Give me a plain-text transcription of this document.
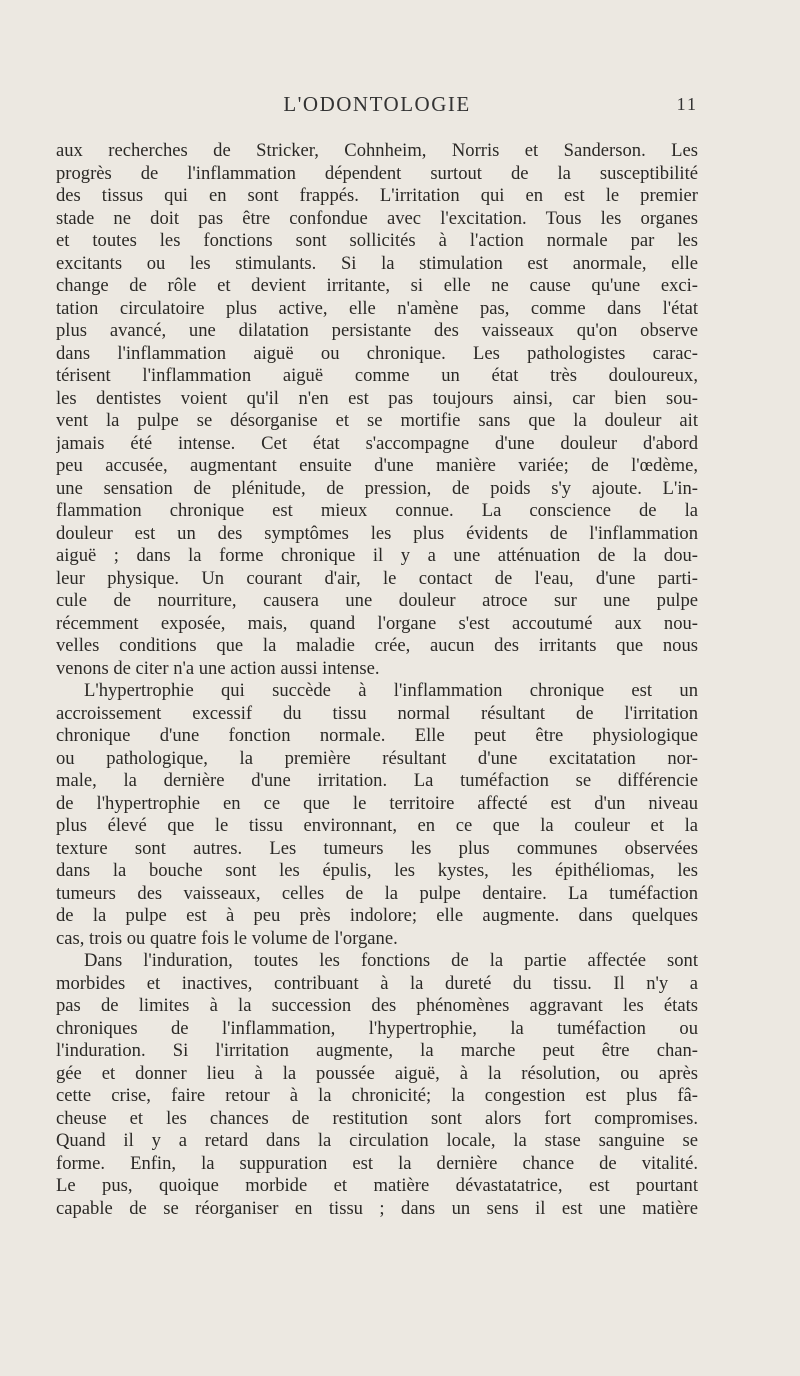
L'ODONTOLOGIE	11

aux recherches de Stricker, Cohnheim, Norris et Sanderson. Les
progrès de l'inflammation dépendent surtout de la susceptibilité
des tissus qui en sont frappés. L'irritation qui en est le premier
stade ne doit pas être confondue avec l'excitation. Tous les organes
et toutes les fonctions sont sollicités à l'action normale par les
excitants ou les stimulants. Si la stimulation est anormale, elle
change de rôle et devient irritante, si elle ne cause qu'une exci-
tation circulatoire plus active, elle n'amène pas, comme dans l'état
plus avancé, une dilatation persistante des vaisseaux qu'on observe
dans l'inflammation aiguë ou chronique. Les pathologistes carac-
térisent l'inflammation aiguë comme un état très douloureux,
les dentistes voient qu'il n'en est pas toujours ainsi, car bien sou-
vent la pulpe se désorganise et se mortifie sans que la douleur ait
jamais été intense. Cet état s'accompagne d'une douleur d'abord
peu accusée, augmentant ensuite d'une manière variée; de l'œdème,
une sensation de plénitude, de pression, de poids s'y ajoute. L'in-
flammation chronique est mieux connue. La conscience de la
douleur est un des symptômes les plus évidents de l'inflammation
aiguë ; dans la forme chronique il y a une atténuation de la dou-
leur physique. Un courant d'air, le contact de l'eau, d'une parti-
cule de nourriture, causera une douleur atroce sur une pulpe
récemment exposée, mais, quand l'organe s'est accoutumé aux nou-
velles conditions que la maladie crée, aucun des irritants que nous
venons de citer n'a une action aussi intense.

L'hypertrophie qui succède à l'inflammation chronique est un
accroissement excessif du tissu normal résultant de l'irritation
chronique d'une fonction normale. Elle peut être physiologique
ou pathologique, la première résultant d'une excitatation nor-
male, la dernière d'une irritation. La tuméfaction se différencie
de l'hypertrophie en ce que le territoire affecté est d'un niveau
plus élevé que le tissu environnant, en ce que la couleur et la
texture sont autres. Les tumeurs les plus communes observées
dans la bouche sont les épulis, les kystes, les épithéliomas, les
tumeurs des vaisseaux, celles de la pulpe dentaire. La tuméfaction
de la pulpe est à peu près indolore; elle augmente. dans quelques
cas, trois ou quatre fois le volume de l'organe.

Dans l'induration, toutes les fonctions de la partie affectée sont
morbides et inactives, contribuant à la dureté du tissu. Il n'y a
pas de limites à la succession des phénomènes aggravant les états
chroniques de l'inflammation, l'hypertrophie, la tuméfaction ou
l'induration. Si l'irritation augmente, la marche peut être chan-
gée et donner lieu à la poussée aiguë, à la résolution, ou après
cette crise, faire retour à la chronicité; la congestion est plus fâ-
cheuse et les chances de restitution sont alors fort compromises.
Quand il y a retard dans la circulation locale, la stase sanguine se
forme. Enfin, la suppuration est la dernière chance de vitalité.
Le pus, quoique morbide et matière dévastatatrice, est pourtant
capable de se réorganiser en tissu ; dans un sens il est une matière
